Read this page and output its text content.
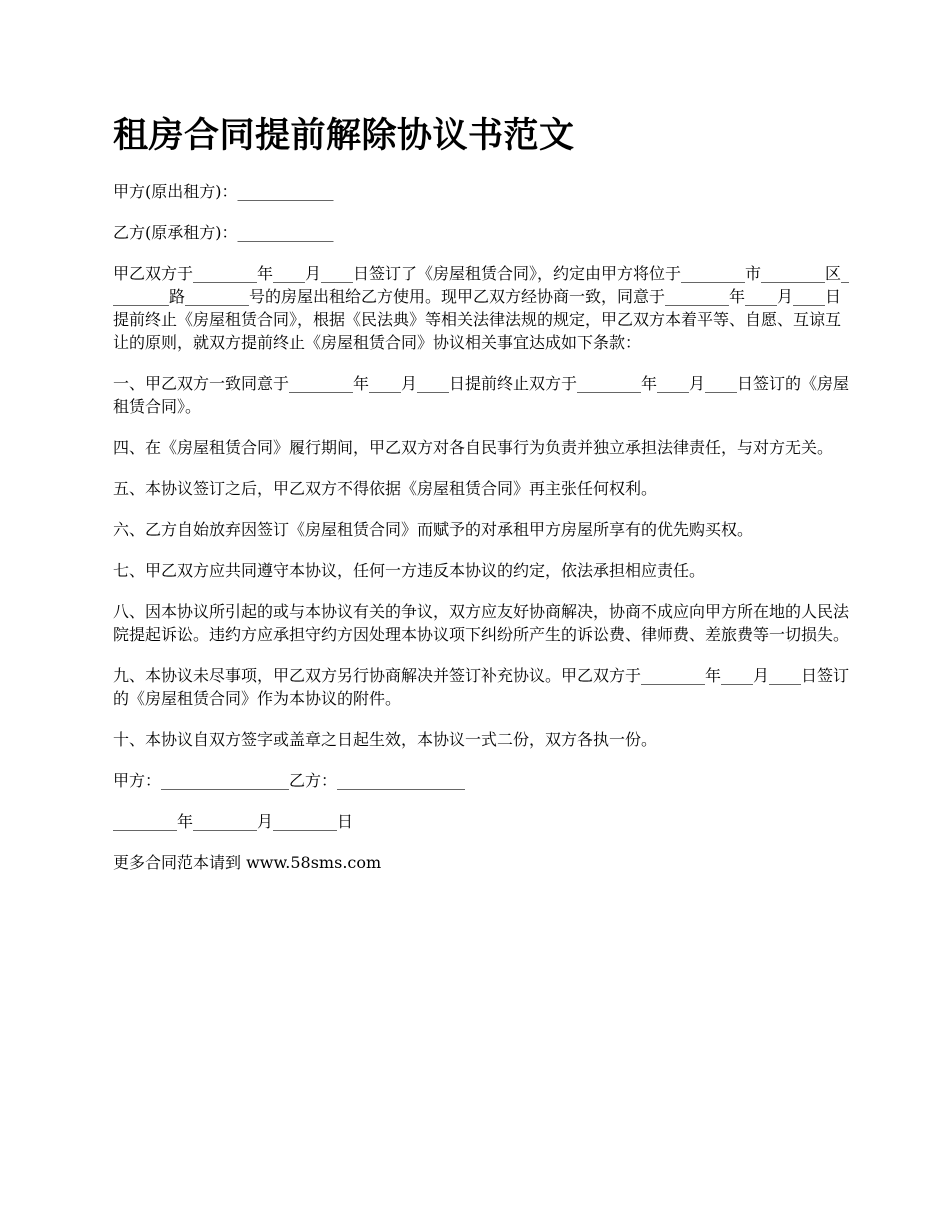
租房合同提前解除协议书范文

甲方(原出租方)：____________

乙方(原承租方)：____________

甲乙双方于________年____月____日签订了《房屋租赁合同》，约定由甲方将位于________市________区________路________号的房屋出租给乙方使用。现甲乙双方经协商一致，同意于________年____月____日提前终止《房屋租赁合同》，根据《民法典》等相关法律法规的规定，甲乙双方本着平等、自愿、互谅互让的原则，就双方提前终止《房屋租赁合同》协议相关事宜达成如下条款：

一、甲乙双方一致同意于________年____月____日提前终止双方于________年____月____日签订的《房屋租赁合同》。

四、在《房屋租赁合同》履行期间，甲乙双方对各自民事行为负责并独立承担法律责任，与对方无关。

五、本协议签订之后，甲乙双方不得依据《房屋租赁合同》再主张任何权利。

六、乙方自始放弃因签订《房屋租赁合同》而赋予的对承租甲方房屋所享有的优先购买权。

七、甲乙双方应共同遵守本协议，任何一方违反本协议的约定，依法承担相应责任。

八、因本协议所引起的或与本协议有关的争议，双方应友好协商解决，协商不成应向甲方所在地的人民法院提起诉讼。违约方应承担守约方因处理本协议项下纠纷所产生的诉讼费、律师费、差旅费等一切损失。

九、本协议未尽事项，甲乙双方另行协商解决并签订补充协议。甲乙双方于________年____月____日签订的《房屋租赁合同》作为本协议的附件。

十、本协议自双方签字或盖章之日起生效，本协议一式二份，双方各执一份。

甲方：________________乙方：________________

________年________月________日

更多合同范本请到 www.58sms.com
